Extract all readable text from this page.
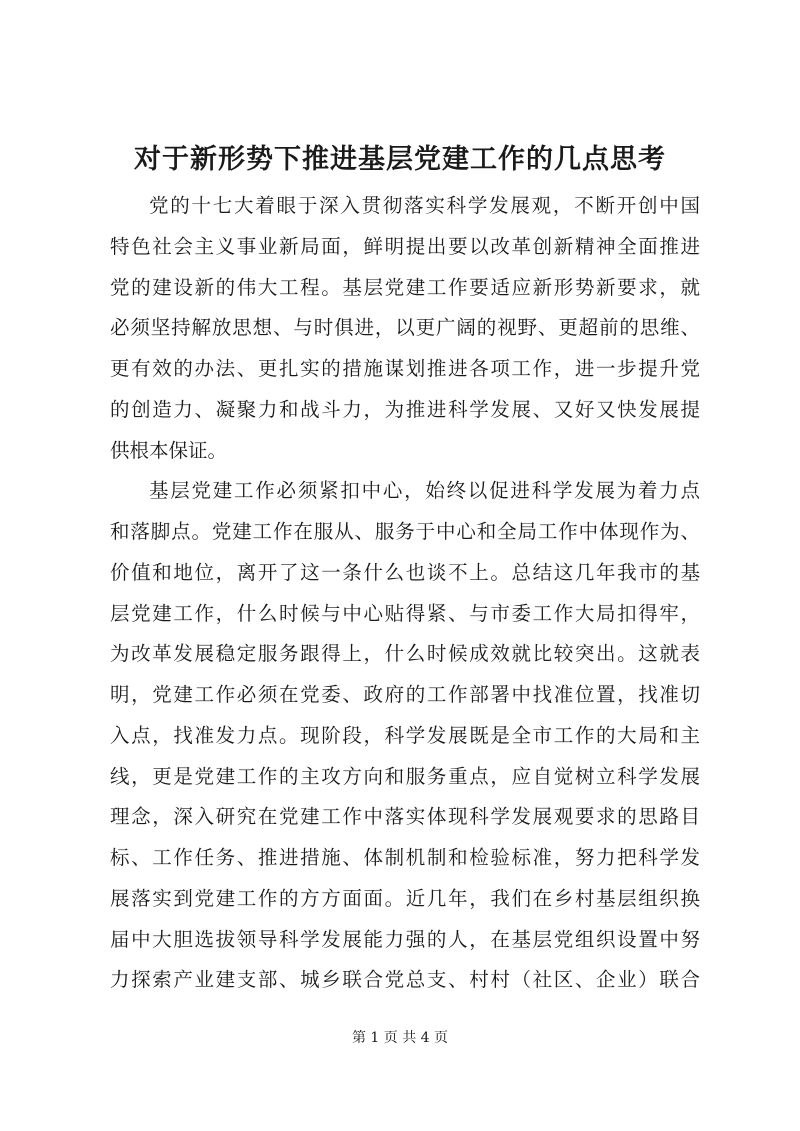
对于新形势下推进基层党建工作的几点思考
党的十七大着眼于深入贯彻落实科学发展观，不断开创中国
特色社会主义事业新局面，鲜明提出要以改革创新精神全面推进
党的建设新的伟大工程。基层党建工作要适应新形势新要求，就
必须坚持解放思想、与时俱进，以更广阔的视野、更超前的思维、
更有效的办法、更扎实的措施谋划推进各项工作，进一步提升党
的创造力、凝聚力和战斗力，为推进科学发展、又好又快发展提
供根本保证。
基层党建工作必须紧扣中心，始终以促进科学发展为着力点
和落脚点。党建工作在服从、服务于中心和全局工作中体现作为、
价值和地位，离开了这一条什么也谈不上。总结这几年我市的基
层党建工作，什么时候与中心贴得紧、与市委工作大局扣得牢，
为改革发展稳定服务跟得上，什么时候成效就比较突出。这就表
明，党建工作必须在党委、政府的工作部署中找准位置，找准切
入点，找准发力点。现阶段，科学发展既是全市工作的大局和主
线，更是党建工作的主攻方向和服务重点，应自觉树立科学发展
理念，深入研究在党建工作中落实体现科学发展观要求的思路目
标、工作任务、推进措施、体制机制和检验标准，努力把科学发
展落实到党建工作的方方面面。近几年，我们在乡村基层组织换
届中大胆选拔领导科学发展能力强的人，在基层党组织设置中努
力探索产业建支部、城乡联合党总支、村村（社区、企业）联合
第 1 页 共 4 页
